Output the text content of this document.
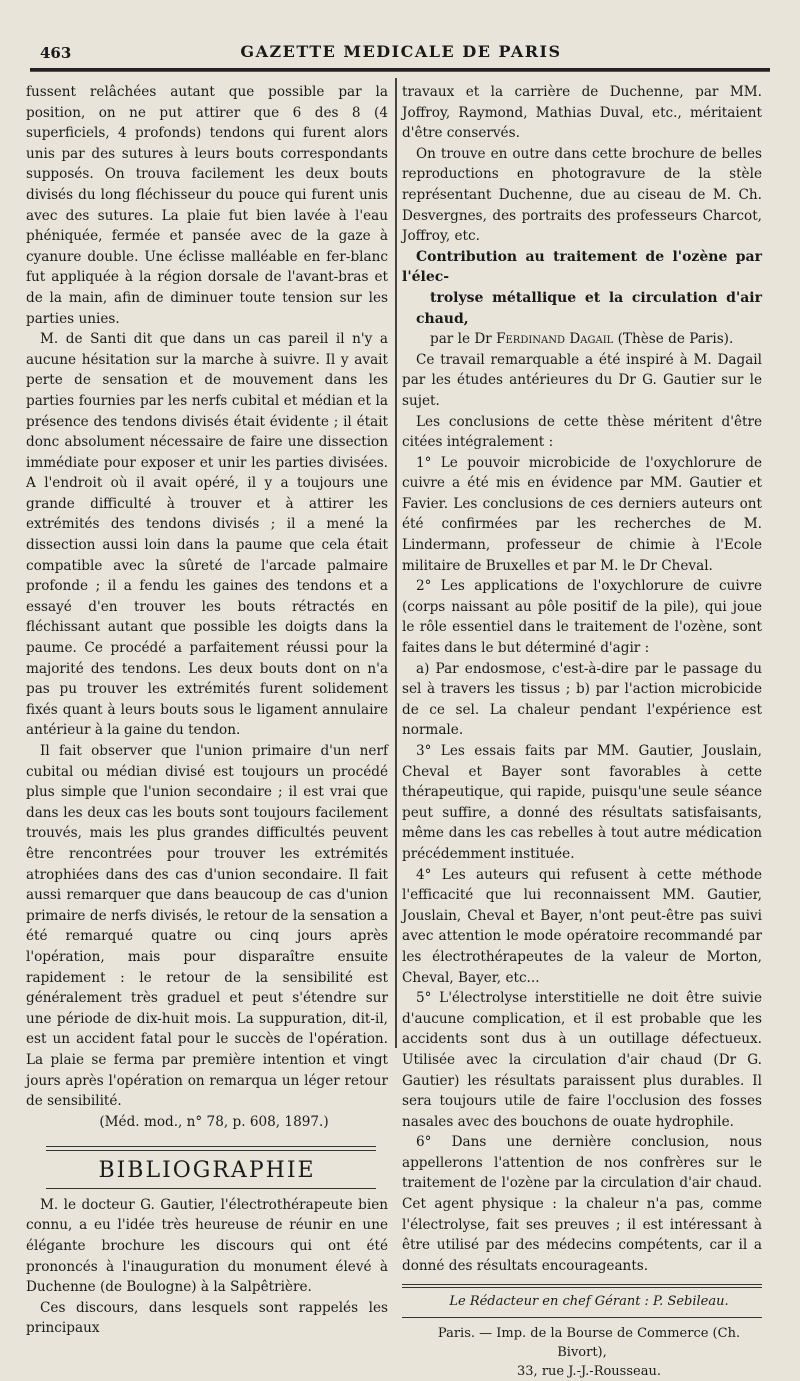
463	GAZETTE MEDICALE DE PARIS

fussent relâchées autant que possible par la position, on ne put attirer que 6 des 8 (4 superficiels, 4 profonds) tendons qui furent alors unis par des sutures à leurs bouts correspondants supposés. On trouva facilement les deux bouts divisés du long fléchisseur du pouce qui furent unis avec des sutures. La plaie fut bien lavée à l'eau phéniquée, fermée et pansée avec de la gaze à cyanure double. Une éclisse malléable en fer-blanc fut appliquée à la région dorsale de l'avant-bras et de la main, afin de diminuer toute tension sur les parties unies.

M. de Santi dit que dans un cas pareil il n'y a aucune hésitation sur la marche à suivre. Il y avait perte de sensation et de mouvement dans les parties fournies par les nerfs cubital et médian et la présence des tendons divisés était évidente ; il était donc absolument nécessaire de faire une dissection immédiate pour exposer et unir les parties divisées. A l'endroit où il avait opéré, il y a toujours une grande difficulté à trouver et à attirer les extrémités des tendons divisés ; il a mené la dissection aussi loin dans la paume que cela était compatible avec la sûreté de l'arcade palmaire profonde ; il a fendu les gaines des tendons et a essayé d'en trouver les bouts rétractés en fléchissant autant que possible les doigts dans la paume. Ce procédé a parfaitement réussi pour la majorité des tendons. Les deux bouts dont on n'a pas pu trouver les extrémités furent solidement fixés quant à leurs bouts sous le ligament annulaire antérieur à la gaine du tendon.

Il fait observer que l'union primaire d'un nerf cubital ou médian divisé est toujours un procédé plus simple que l'union secondaire ; il est vrai que dans les deux cas les bouts sont toujours facilement trouvés, mais les plus grandes difficultés peuvent être rencontrées pour trouver les extrémités atrophiées dans des cas d'union secondaire. Il fait aussi remarquer que dans beaucoup de cas d'union primaire de nerfs divisés, le retour de la sensation a été remarqué quatre ou cinq jours après l'opération, mais pour disparaître ensuite rapidement : le retour de la sensibilité est généralement très graduel et peut s'étendre sur une période de dix-huit mois. La suppuration, dit-il, est un accident fatal pour le succès de l'opération. La plaie se ferma par première intention et vingt jours après l'opération on remarqua un léger retour de sensibilité.

(Méd. mod., n° 78, p. 608, 1897.)

BIBLIOGRAPHIE

M. le docteur G. Gautier, l'électrothérapeute bien connu, a eu l'idée très heureuse de réunir en une élégante brochure les discours qui ont été prononcés à l'inauguration du monument élevé à Duchenne (de Boulogne) à la Salpêtrière.

Ces discours, dans lesquels sont rappelés les principaux

travaux et la carrière de Duchenne, par MM. Joffroy, Raymond, Mathias Duval, etc., méritaient d'être conservés.

On trouve en outre dans cette brochure de belles reproductions en photogravure de la stèle représentant Duchenne, due au ciseau de M. Ch. Desvergnes, des portraits des professeurs Charcot, Joffroy, etc.

Contribution au traitement de l'ozène par l'élec-
trolyse métallique et la circulation d'air chaud,

par le Dr Ferdinand Dagail (Thèse de Paris).

Ce travail remarquable a été inspiré à M. Dagail par les études antérieures du Dr G. Gautier sur le sujet.

Les conclusions de cette thèse méritent d'être citées intégralement :

1° Le pouvoir microbicide de l'oxychlorure de cuivre a été mis en évidence par MM. Gautier et Favier. Les conclusions de ces derniers auteurs ont été confirmées par les recherches de M. Lindermann, professeur de chimie à l'Ecole militaire de Bruxelles et par M. le Dr Cheval.

2° Les applications de l'oxychlorure de cuivre (corps naissant au pôle positif de la pile), qui joue le rôle essentiel dans le traitement de l'ozène, sont faites dans le but déterminé d'agir :

a) Par endosmose, c'est-à-dire par le passage du sel à travers les tissus ; b) par l'action microbicide de ce sel. La chaleur pendant l'expérience est normale.

3° Les essais faits par MM. Gautier, Jouslain, Cheval et Bayer sont favorables à cette thérapeutique, qui rapide, puisqu'une seule séance peut suffire, a donné des résultats satisfaisants, même dans les cas rebelles à tout autre médication précédemment instituée.

4° Les auteurs qui refusent à cette méthode l'efficacité que lui reconnaissent MM. Gautier, Jouslain, Cheval et Bayer, n'ont peut-être pas suivi avec attention le mode opératoire recommandé par les électrothérapeutes de la valeur de Morton, Cheval, Bayer, etc...

5° L'électrolyse interstitielle ne doit être suivie d'aucune complication, et il est probable que les accidents sont dus à un outillage défectueux. Utilisée avec la circulation d'air chaud (Dr G. Gautier) les résultats paraissent plus durables. Il sera toujours utile de faire l'occlusion des fosses nasales avec des bouchons de ouate hydrophile.

6° Dans une dernière conclusion, nous appellerons l'attention de nos confrères sur le traitement de l'ozène par la circulation d'air chaud. Cet agent physique : la chaleur n'a pas, comme l'électrolyse, fait ses preuves ; il est intéressant à être utilisé par des médecins compétents, car il a donné des résultats encourageants.

Le Rédacteur en chef Gérant : P. Sebileau.

Paris. — Imp. de la Bourse de Commerce (Ch. Bivort),

33, rue J.-J.-Rousseau.
